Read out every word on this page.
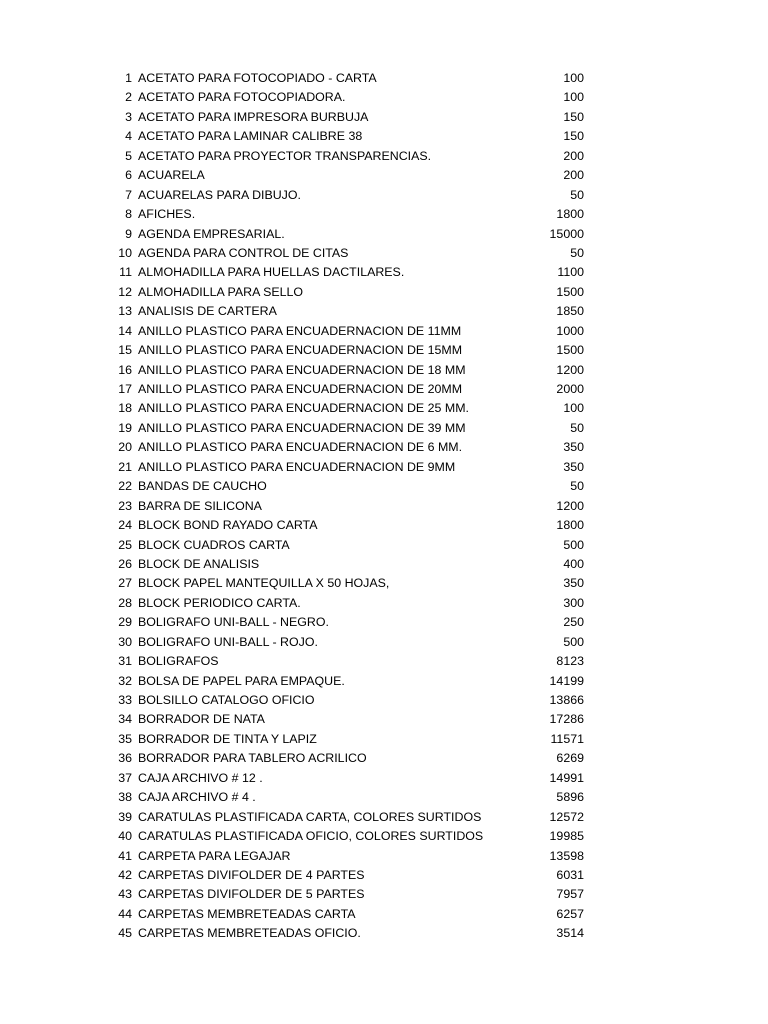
1 ACETATO PARA FOTOCOPIADO - CARTA	100
2 ACETATO PARA FOTOCOPIADORA.	100
3 ACETATO PARA IMPRESORA BURBUJA	150
4 ACETATO PARA LAMINAR CALIBRE 38	150
5 ACETATO PARA PROYECTOR TRANSPARENCIAS.	200
6 ACUARELA	200
7 ACUARELAS PARA DIBUJO.	50
8 AFICHES.	1800
9 AGENDA EMPRESARIAL.	15000
10 AGENDA PARA CONTROL DE CITAS	50
11 ALMOHADILLA PARA HUELLAS DACTILARES.	1100
12 ALMOHADILLA PARA SELLO	1500
13 ANALISIS DE CARTERA	1850
14 ANILLO PLASTICO PARA ENCUADERNACION DE 11MM	1000
15 ANILLO PLASTICO PARA ENCUADERNACION DE 15MM	1500
16 ANILLO PLASTICO PARA ENCUADERNACION DE 18 MM	1200
17 ANILLO PLASTICO PARA ENCUADERNACION DE 20MM	2000
18 ANILLO PLASTICO PARA ENCUADERNACION DE 25 MM.	100
19 ANILLO PLASTICO PARA ENCUADERNACION DE 39 MM	50
20 ANILLO PLASTICO PARA ENCUADERNACION DE 6 MM.	350
21 ANILLO PLASTICO PARA ENCUADERNACION DE 9MM	350
22 BANDAS DE CAUCHO	50
23 BARRA DE SILICONA	1200
24 BLOCK BOND RAYADO CARTA	1800
25 BLOCK CUADROS CARTA	500
26 BLOCK DE ANALISIS	400
27 BLOCK PAPEL MANTEQUILLA X 50 HOJAS,	350
28 BLOCK PERIODICO CARTA.	300
29 BOLIGRAFO UNI-BALL - NEGRO.	250
30 BOLIGRAFO UNI-BALL - ROJO.	500
31 BOLIGRAFOS	8123
32 BOLSA DE PAPEL PARA EMPAQUE.	14199
33 BOLSILLO CATALOGO OFICIO	13866
34 BORRADOR DE NATA	17286
35 BORRADOR DE TINTA Y LAPIZ	11571
36 BORRADOR PARA TABLERO ACRILICO	6269
37 CAJA ARCHIVO # 12 .	14991
38 CAJA ARCHIVO # 4 .	5896
39 CARATULAS PLASTIFICADA CARTA, COLORES SURTIDOS	12572
40 CARATULAS PLASTIFICADA OFICIO, COLORES SURTIDOS	19985
41 CARPETA PARA LEGAJAR	13598
42 CARPETAS DIVIFOLDER DE 4 PARTES	6031
43 CARPETAS DIVIFOLDER DE 5 PARTES	7957
44 CARPETAS MEMBRETEADAS CARTA	6257
45 CARPETAS MEMBRETEADAS OFICIO.	3514
